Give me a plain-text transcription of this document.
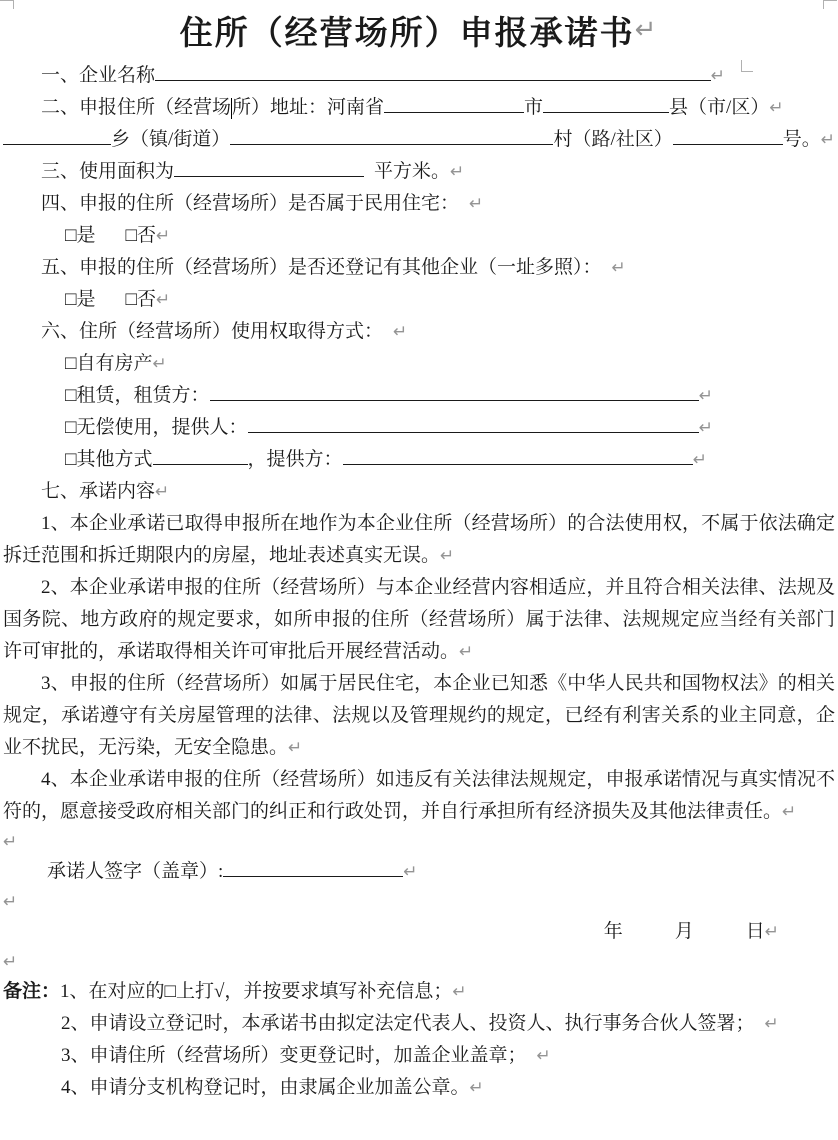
住所（经营场所）申报承诺书 ↵
一、企业名称	↵
二、申报住所（经营场 所）地址：河南省	市	县（市/区） ↵
乡（镇/街道）	村（路/社区）	号。 ↵
三、使用面积为	平方米。 ↵
四、申报的住所（经营场所）是否属于民用住宅： ↵
□ 是 □ 否 ↵
五、申报的住所（经营场所）是否还登记有其他企业（一址多照）： ↵
□ 是 □ 否 ↵
六、住所（经营场所）使用权取得方式： ↵
□ 自有房产 ↵
□ 租赁，租赁方：	↵
□ 无偿使用，提供人：	↵
□ 其他方式	，提供方：	↵
七、承诺内容 ↵

1、本企业承诺已取得申报所在地作为本企业住所（经营场所）的合法使用权，不属于依法确定拆迁范围和拆迁期限内的房屋，地址表述真实无误。↵

2、本企业承诺申报的住所（经营场所）与本企业经营内容相适应，并且符合相关法律、法规及国务院、地方政府的规定要求，如所申报的住所（经营场所）属于法律、法规规定应当经有关部门许可审批的，承诺取得相关许可审批后开展经营活动。↵

3、申报的住所（经营场所）如属于居民住宅，本企业已知悉《中华人民共和国物权法》的相关规定，承诺遵守有关房屋管理的法律、法规以及管理规约的规定，已经有利害关系的业主同意，企业不扰民，无污染，无安全隐患。↵

4、本企业承诺申报的住所（经营场所）如违反有关法律法规规定，申报承诺情况与真实情况不符的，愿意接受政府相关部门的纠正和行政处罚，并自行承担所有经济损失及其他法律责任。↵

↵
承诺人签字（盖章）:	↵
↵
年	月	日 ↵
↵
备注： 1、在对应的□上打√，并按要求填写补充信息； ↵
2、申请设立登记时，本承诺书由拟定法定代表人、投资人、执行事务合伙人签署； ↵
3、申请住所（经营场所）变更登记时，加盖企业盖章； ↵
4、申请分支机构登记时，由隶属企业加盖公章。 ↵
